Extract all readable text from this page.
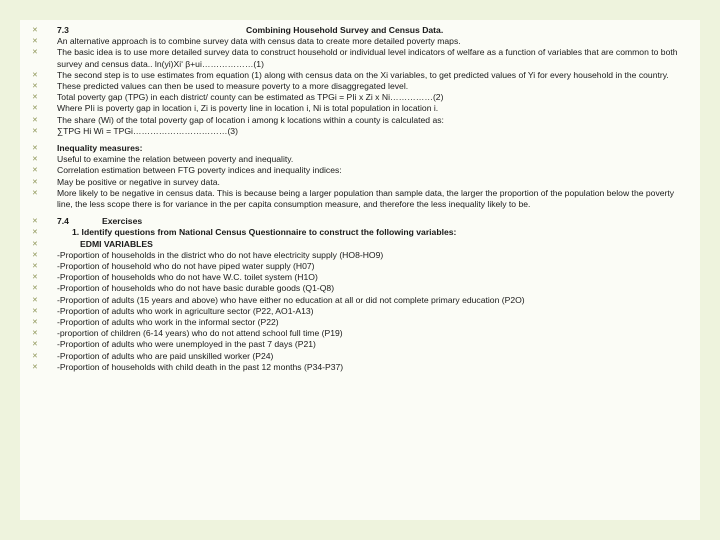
✕	7.3	Combining Household Survey and Census Data.
✕	An alternative approach is to combine survey data with census data to create more detailed poverty maps.
✕	The basic idea is to use more detailed survey data to construct household or individual level indicators of welfare as a function of variables that are common to both survey and census data.. ln(yi)Xiʹ β+ui………………(1)
✕	The second step is to use estimates from equation (1) along with census data on the Xi variables, to get predicted values of Yi for every household in the country.
✕	These predicted values can then be used to measure poverty to a more disaggregated level.
✕	Total poverty gap (TPG) in each district/ county can be estimated as TPGi = PIi x Zi x Ni……………(2)
✕	Where PIi is poverty gap in location i, Zi is poverty line in location i, Ni is total population in location i.
✕	The share (Wi) of the total poverty gap of location i among k locations within a county is calculated as:
✕	∑TPG Hi Wi = TPGi……………………………(3)
✕	Inequality measures:
✕	Useful to examine the relation between poverty and inequality.
✕	Correlation estimation between FTG poverty indices and inequality indices:
✕	May be positive or negative in survey data.
✕	More likely to be negative in census data. This is because being a larger population than sample data, the larger the proportion of the population below the poverty line, the less scope there is for variance in the per capita consumption measure, and therefore the less inequality likely to be.
✕	7.4	Exercises
✕	1. Identify questions from National Census Questionnaire to construct the following variables:
✕	EDMI VARIABLES
✕	-Proportion of households in the district who do not have electricity supply (HO8-HO9)
✕	-Proportion of household who do not have piped water supply (H07)
✕	-Proportion of households who do not have W.C. toilet system (H1O)
✕	-Proportion of households who do not have basic durable goods (Q1-Q8)
✕	-Proportion of adults (15 years and above) who have either no education at all or did not complete primary education (P2O)
✕	-Proportion of adults who work in agriculture sector (P22, AO1-A13)
✕	-Proportion of adults who work in the informal sector (P22)
✕	-proportion of children (6-14 years) who do not attend school full time (P19)
✕	-Proportion of adults who were unemployed in the past 7 days (P21)
✕	-Proportion of adults who are paid unskilled worker (P24)
✕	-Proportion of households with child death in the past 12 months (P34-P37)
